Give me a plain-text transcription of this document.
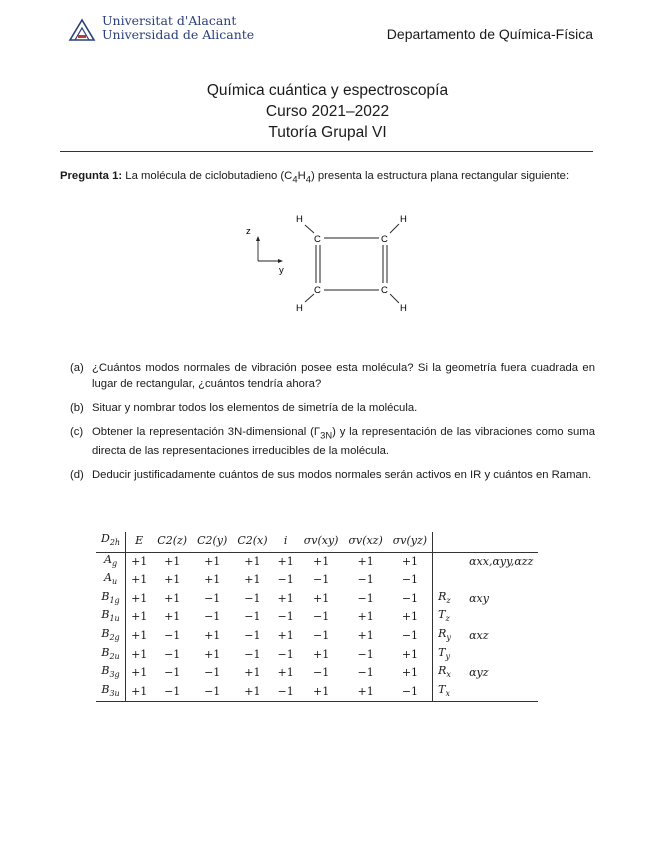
Universitat d'Alacant
Universidad de Alicante	Departamento de Química-Física
Química cuántica y espectroscopía
Curso 2021–2022
Tutoría Grupal VI
Pregunta 1: La molécula de ciclobutadieno $(C_4H_4)$ presenta la estructura plana rectangular siguiente:
z
y
C	C
C	C
H	H
H	H
(a) ¿Cuántos modos normales de vibración posee esta molécula? Si la geometría fuera cuadrada en lugar de rectangular, ¿cuántos tendría ahora?
(b) Situar y nombrar todos los elementos de simetría de la molécula.
(c) Obtener la representación 3N-dimensional $(\Gamma_{3N})$ y la representación de las vibraciones como suma directa de las representaciones irreducibles de la molécula.
(d) Deducir justificadamente cuántos de sus modos normales serán activos en IR y cuántos en Raman.
$D_{2h}$	E	C2(z)	C2(y)	C2(x)	i	σv(xy)	σv(xz)	σv(yz)		
$A_g$	+1	+1	+1	+1	+1	+1	+1	+1		αxx,αyy,αzz
$A_u$	+1	+1	+1	+1	−1	−1	−1	−1		
$B_{1g}$	+1	+1	−1	−1	+1	+1	−1	−1	$R_z$	αxy
$B_{1u}$	+1	+1	−1	−1	−1	−1	+1	+1	$T_z$	
$B_{2g}$	+1	−1	+1	−1	+1	−1	+1	−1	$R_y$	αxz
$B_{2u}$	+1	−1	+1	−1	−1	+1	−1	+1	$T_y$	
$B_{3g}$	+1	−1	−1	+1	+1	−1	−1	+1	$R_x$	αyz
$B_{3u}$	+1	−1	−1	+1	−1	+1	+1	−1	$T_x$	
